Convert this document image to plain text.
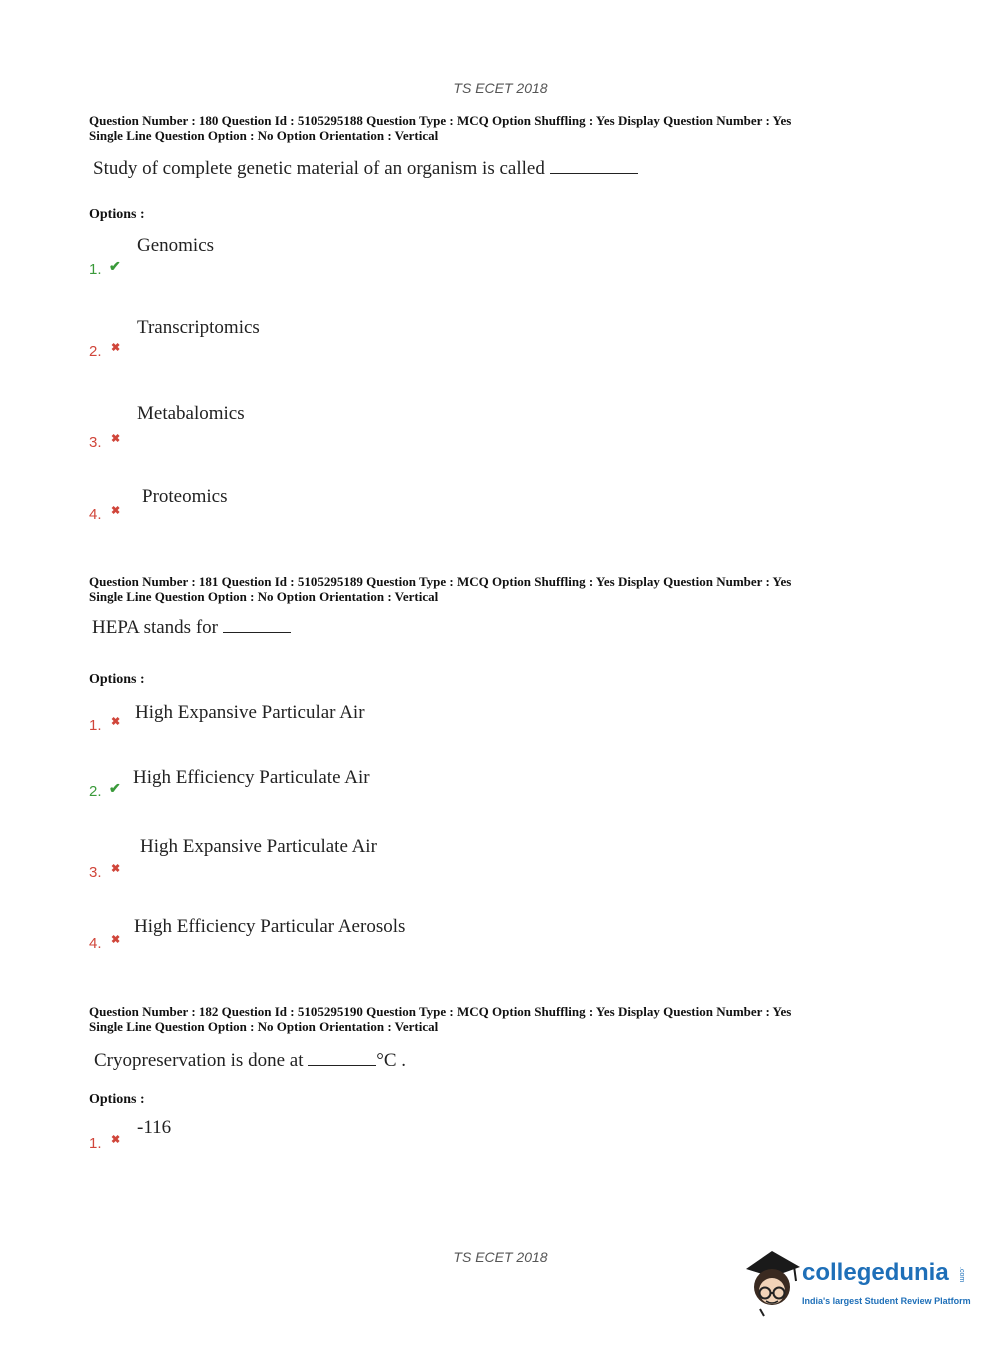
TS ECET 2018
Question Number : 180 Question Id : 5105295188 Question Type : MCQ Option Shuffling : Yes Display Question Number : Yes
Single Line Question Option : No Option Orientation : Vertical
Study of complete genetic material of an organism is called
Options :
1. ✔
Genomics
2. ✖
Transcriptomics
3. ✖
Metabalomics
4. ✖
Proteomics
Question Number : 181 Question Id : 5105295189 Question Type : MCQ Option Shuffling : Yes Display Question Number : Yes
Single Line Question Option : No Option Orientation : Vertical
HEPA stands for
Options :
1. ✖ High Expansive Particular Air
2. ✔
High Efficiency Particulate Air
3. ✖
High Expansive Particulate Air
4. ✖
High Efficiency Particular Aerosols
Question Number : 182 Question Id : 5105295190 Question Type : MCQ Option Shuffling : Yes Display Question Number : Yes
Single Line Question Option : No Option Orientation : Vertical
Cryopreservation is done at	°C .
Options :
1. ✖
-116
TS ECET 2018
collegedunia .com
India's largest Student Review Platform
